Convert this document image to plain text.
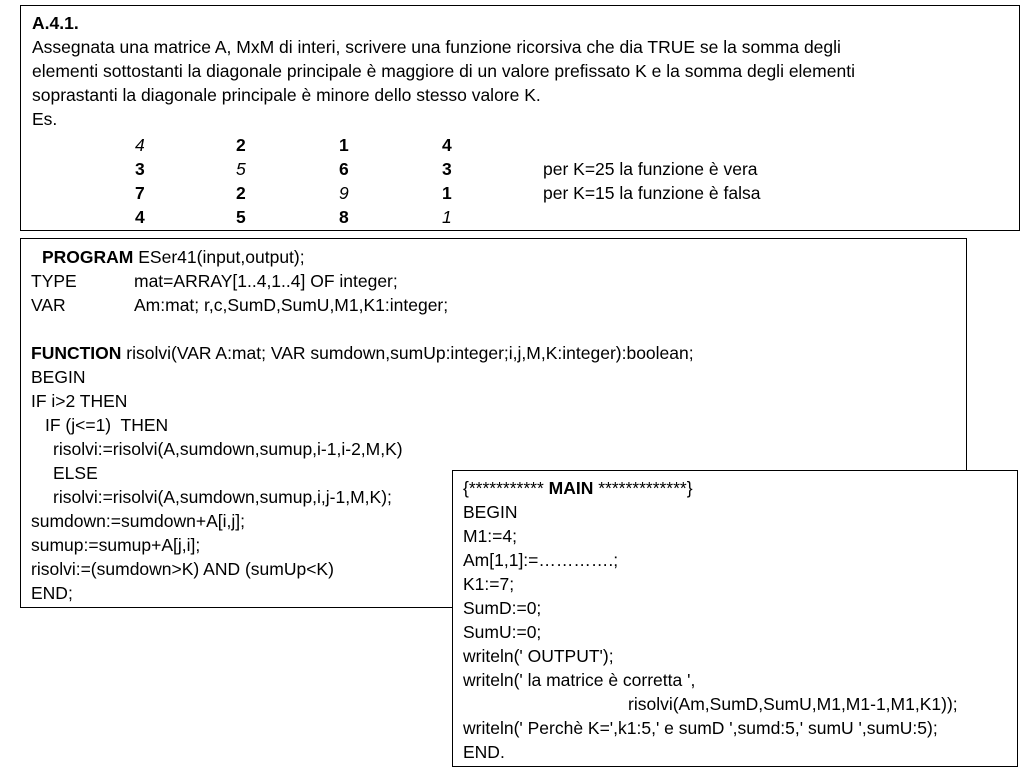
A.4.1.
Assegnata una matrice A, MxM di interi, scrivere una funzione ricorsiva che dia TRUE se la somma degli
elementi sottostanti la diagonale principale è maggiore di un valore prefissato K e la somma degli elementi
soprastanti la diagonale principale è minore dello stesso valore K.
Es.
4	2	1	4
3	5	6	3	per K=25 la funzione è vera
7	2	9	1	per K=15 la funzione è falsa
4	5	8	1
PROGRAM ESer41(input,output);
TYPE	mat=ARRAY[1..4,1..4] OF integer;
VAR	Am:mat; r,c,SumD,SumU,M1,K1:integer;
FUNCTION risolvi(VAR A:mat; VAR sumdown,sumUp:integer;i,j,M,K:integer):boolean;
BEGIN
IF i>2 THEN
IF (j<=1)  THEN
risolvi:=risolvi(A,sumdown,sumup,i-1,i-2,M,K)
ELSE
risolvi:=risolvi(A,sumdown,sumup,i,j-1,M,K);
sumdown:=sumdown+A[i,j];
sumup:=sumup+A[j,i];
risolvi:=(sumdown>K) AND (sumUp<K)
END;
{*********** MAIN *************}
BEGIN
M1:=4;
Am[1,1]:=………….;
K1:=7;
SumD:=0;
SumU:=0;
writeln(' OUTPUT');
writeln(' la matrice è corretta ',
risolvi(Am,SumD,SumU,M1,M1-1,M1,K1));
writeln(' Perchè K=',k1:5,' e sumD ',sumd:5,' sumU ',sumU:5);
END.
